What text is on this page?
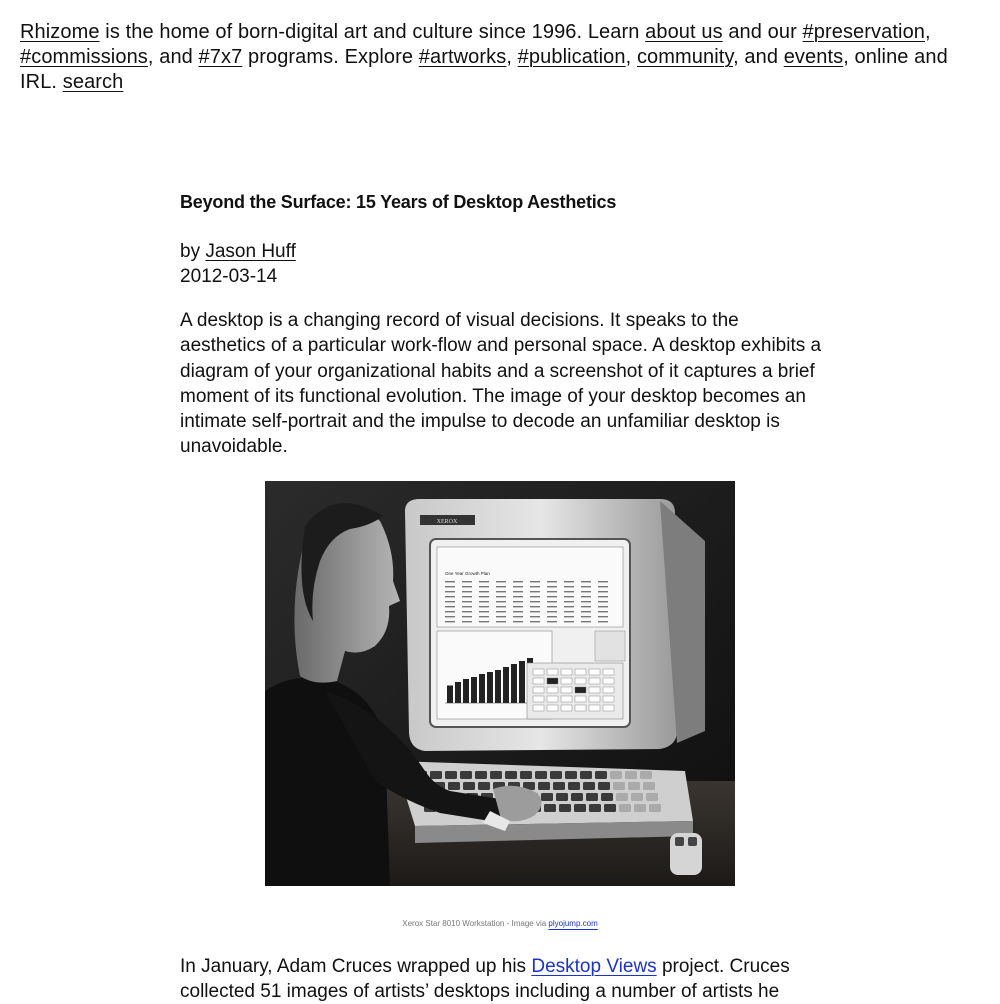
Rhizome is the home of born-digital art and culture since 1996. Learn about us and our #preservation, #commissions, and #7x7 programs. Explore #artworks, #publication, community, and events, online and IRL. search
Beyond the Surface: 15 Years of Desktop Aesthetics
by Jason Huff
2012-03-14

A desktop is a changing record of visual decisions. It speaks to the aesthetics of a particular work-flow and personal space. A desktop exhibits a diagram of your organizational habits and a screenshot of it captures a brief moment of its functional evolution. The image of your desktop becomes an intimate self-portrait and the impulse to decode an unfamiliar desktop is unavoidable.

XEROX
One Year Growth Plan
Xerox Star 8010 Workstation - Image via plyojump.com

In January, Adam Cruces wrapped up his Desktop Views project. Cruces collected 51 images of artists’ desktops including a number of artists he
